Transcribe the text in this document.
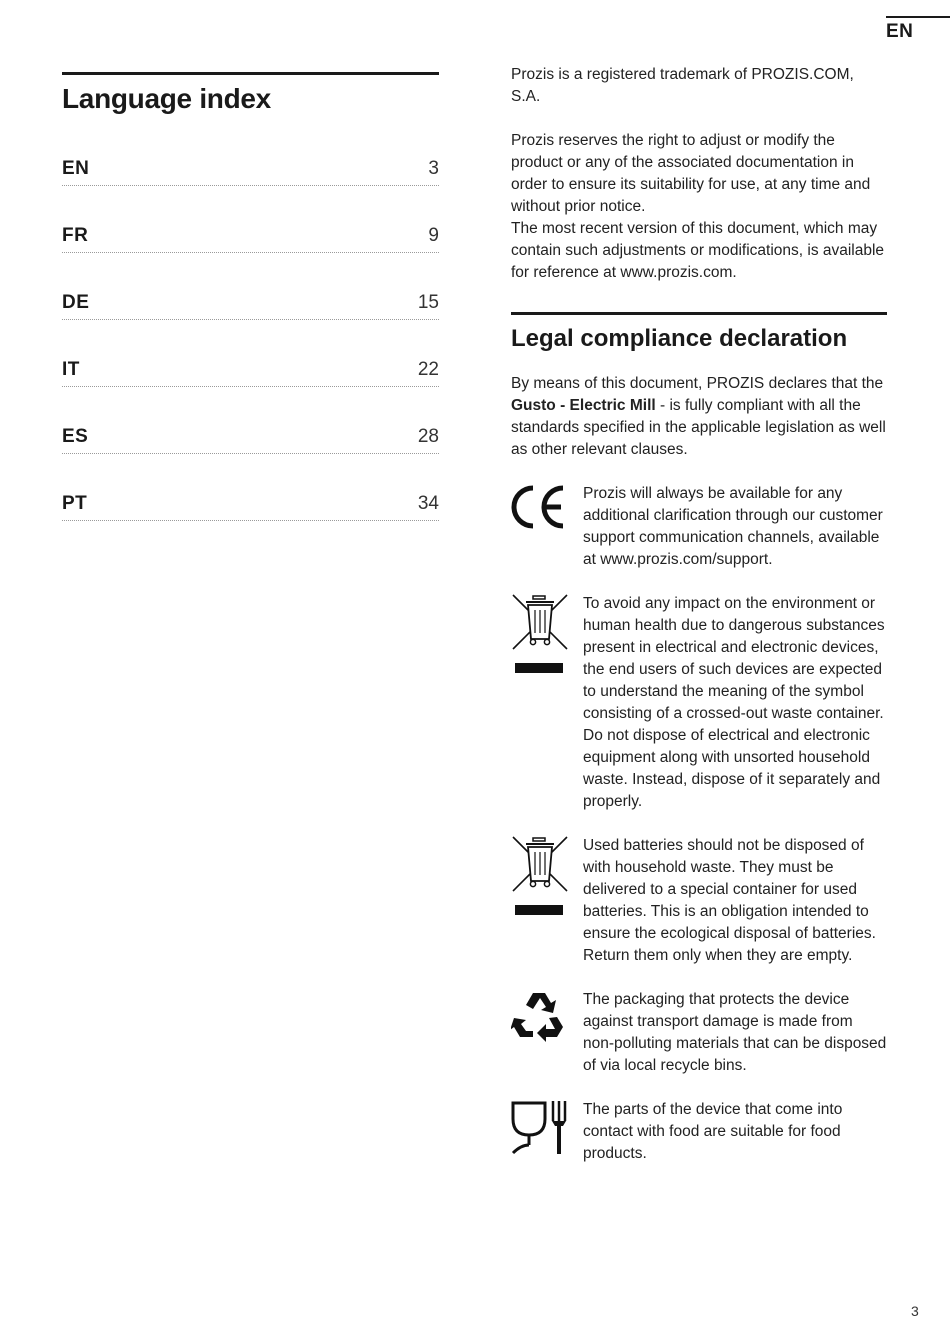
EN
Language index
EN	3
FR	9
DE	15
IT	22
ES	28
PT	34

Prozis is a registered trademark of PROZIS.COM, S.A.

Prozis reserves the right to adjust or modify the product or any of the associated documentation in order to ensure its suitability for use, at any time and without prior notice.

The most recent version of this document, which may contain such adjustments or modifications, is available for reference at www.prozis.com.

Legal compliance declaration

By means of this document, PROZIS declares that the Gusto - Electric Mill - is fully compliant with all the standards specified in the applicable legislation as well as other relevant clauses.

Prozis will always be available for any additional clarification through our customer support communication channels, available at www.prozis.com/support.

To avoid any impact on the environment or human health due to dangerous substances present in electrical and electronic devices, the end users of such devices are expected to understand the meaning of the symbol consisting of a crossed-out waste container. Do not dispose of electrical and electronic equipment along with unsorted household waste. Instead, dispose of it separately and properly.

Used batteries should not be disposed of with household waste. They must be delivered to a special container for used batteries. This is an obligation intended to ensure the ecological disposal of batteries.

Return them only when they are empty.

The packaging that protects the device against transport damage is made from non-polluting materials that can be disposed of via local recycle bins.

The parts of the device that come into contact with food are suitable for food products.

3
